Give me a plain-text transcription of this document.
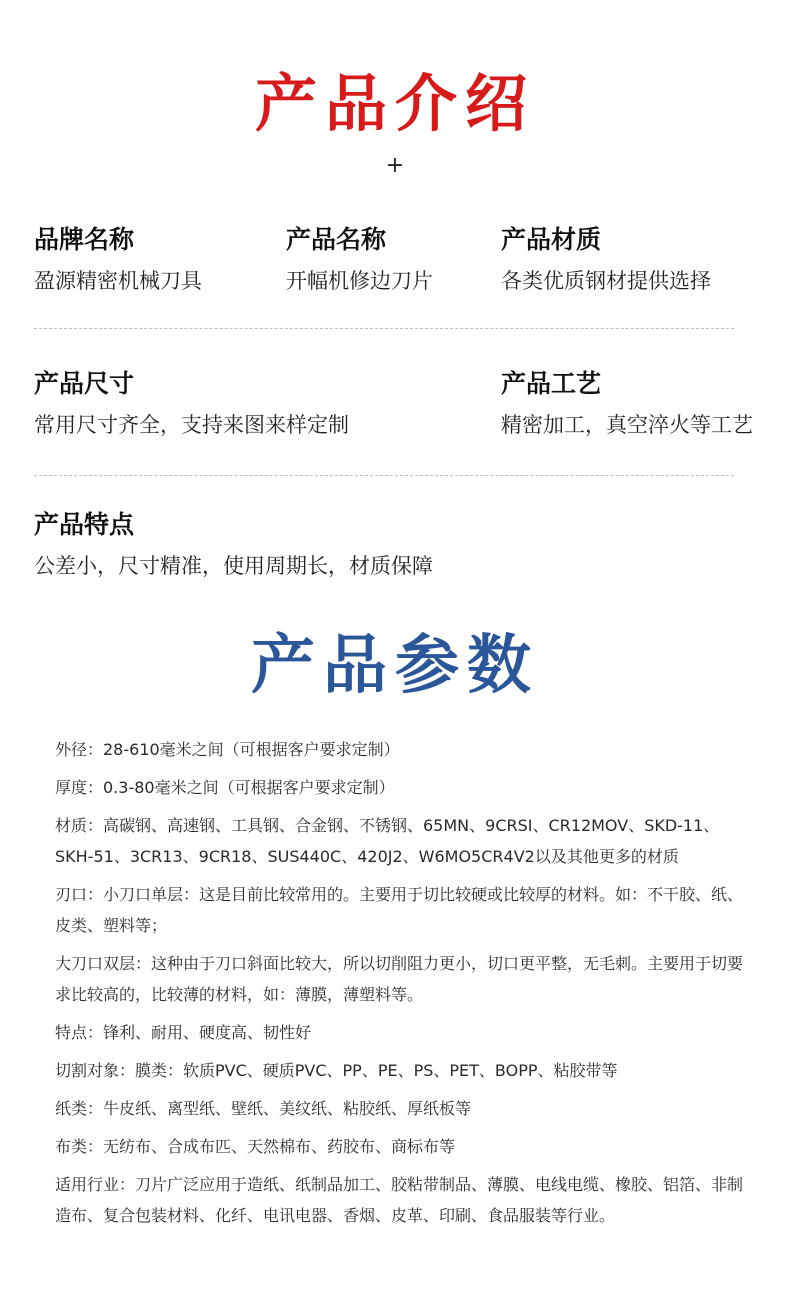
产品介绍
+
品牌名称
盈源精密机械刀具
产品名称
开幅机修边刀片
产品材质
各类优质钢材提供选择
产品尺寸
常用尺寸齐全，支持来图来样定制
产品工艺
精密加工，真空淬火等工艺
产品特点
公差小，尺寸精准，使用周期长，材质保障
产品参数
外径：28-610毫米之间（可根据客户要求定制）
厚度：0.3-80毫米之间（可根据客户要求定制）
材质：高碳钢、高速钢、工具钢、合金钢、不锈钢、65MN、9CRSI、CR12MOV、SKD-11、SKH-51、3CR13、9CR18、SUS440C、420J2、W6MO5CR4V2以及其他更多的材质
刃口：小刀口单层：这是目前比较常用的。主要用于切比较硬或比较厚的材料。如：不干胶、纸、皮类、塑料等；
大刀口双层：这种由于刀口斜面比较大，所以切削阻力更小，切口更平整，无毛刺。主要用于切要求比较高的，比较薄的材料，如：薄膜，薄塑料等。
特点：锋利、耐用、硬度高、韧性好
切割对象：膜类：软质PVC、硬质PVC、PP、PE、PS、PET、BOPP、粘胶带等
纸类：牛皮纸、离型纸、壁纸、美纹纸、粘胶纸、厚纸板等
布类：无纺布、合成布匹、天然棉布、药胶布、商标布等
适用行业：刀片广泛应用于造纸、纸制品加工、胶粘带制品、薄膜、电线电缆、橡胶、铝箔、非制造布、复合包装材料、化纤、电讯电器、香烟、皮革、印刷、食品服装等行业。
